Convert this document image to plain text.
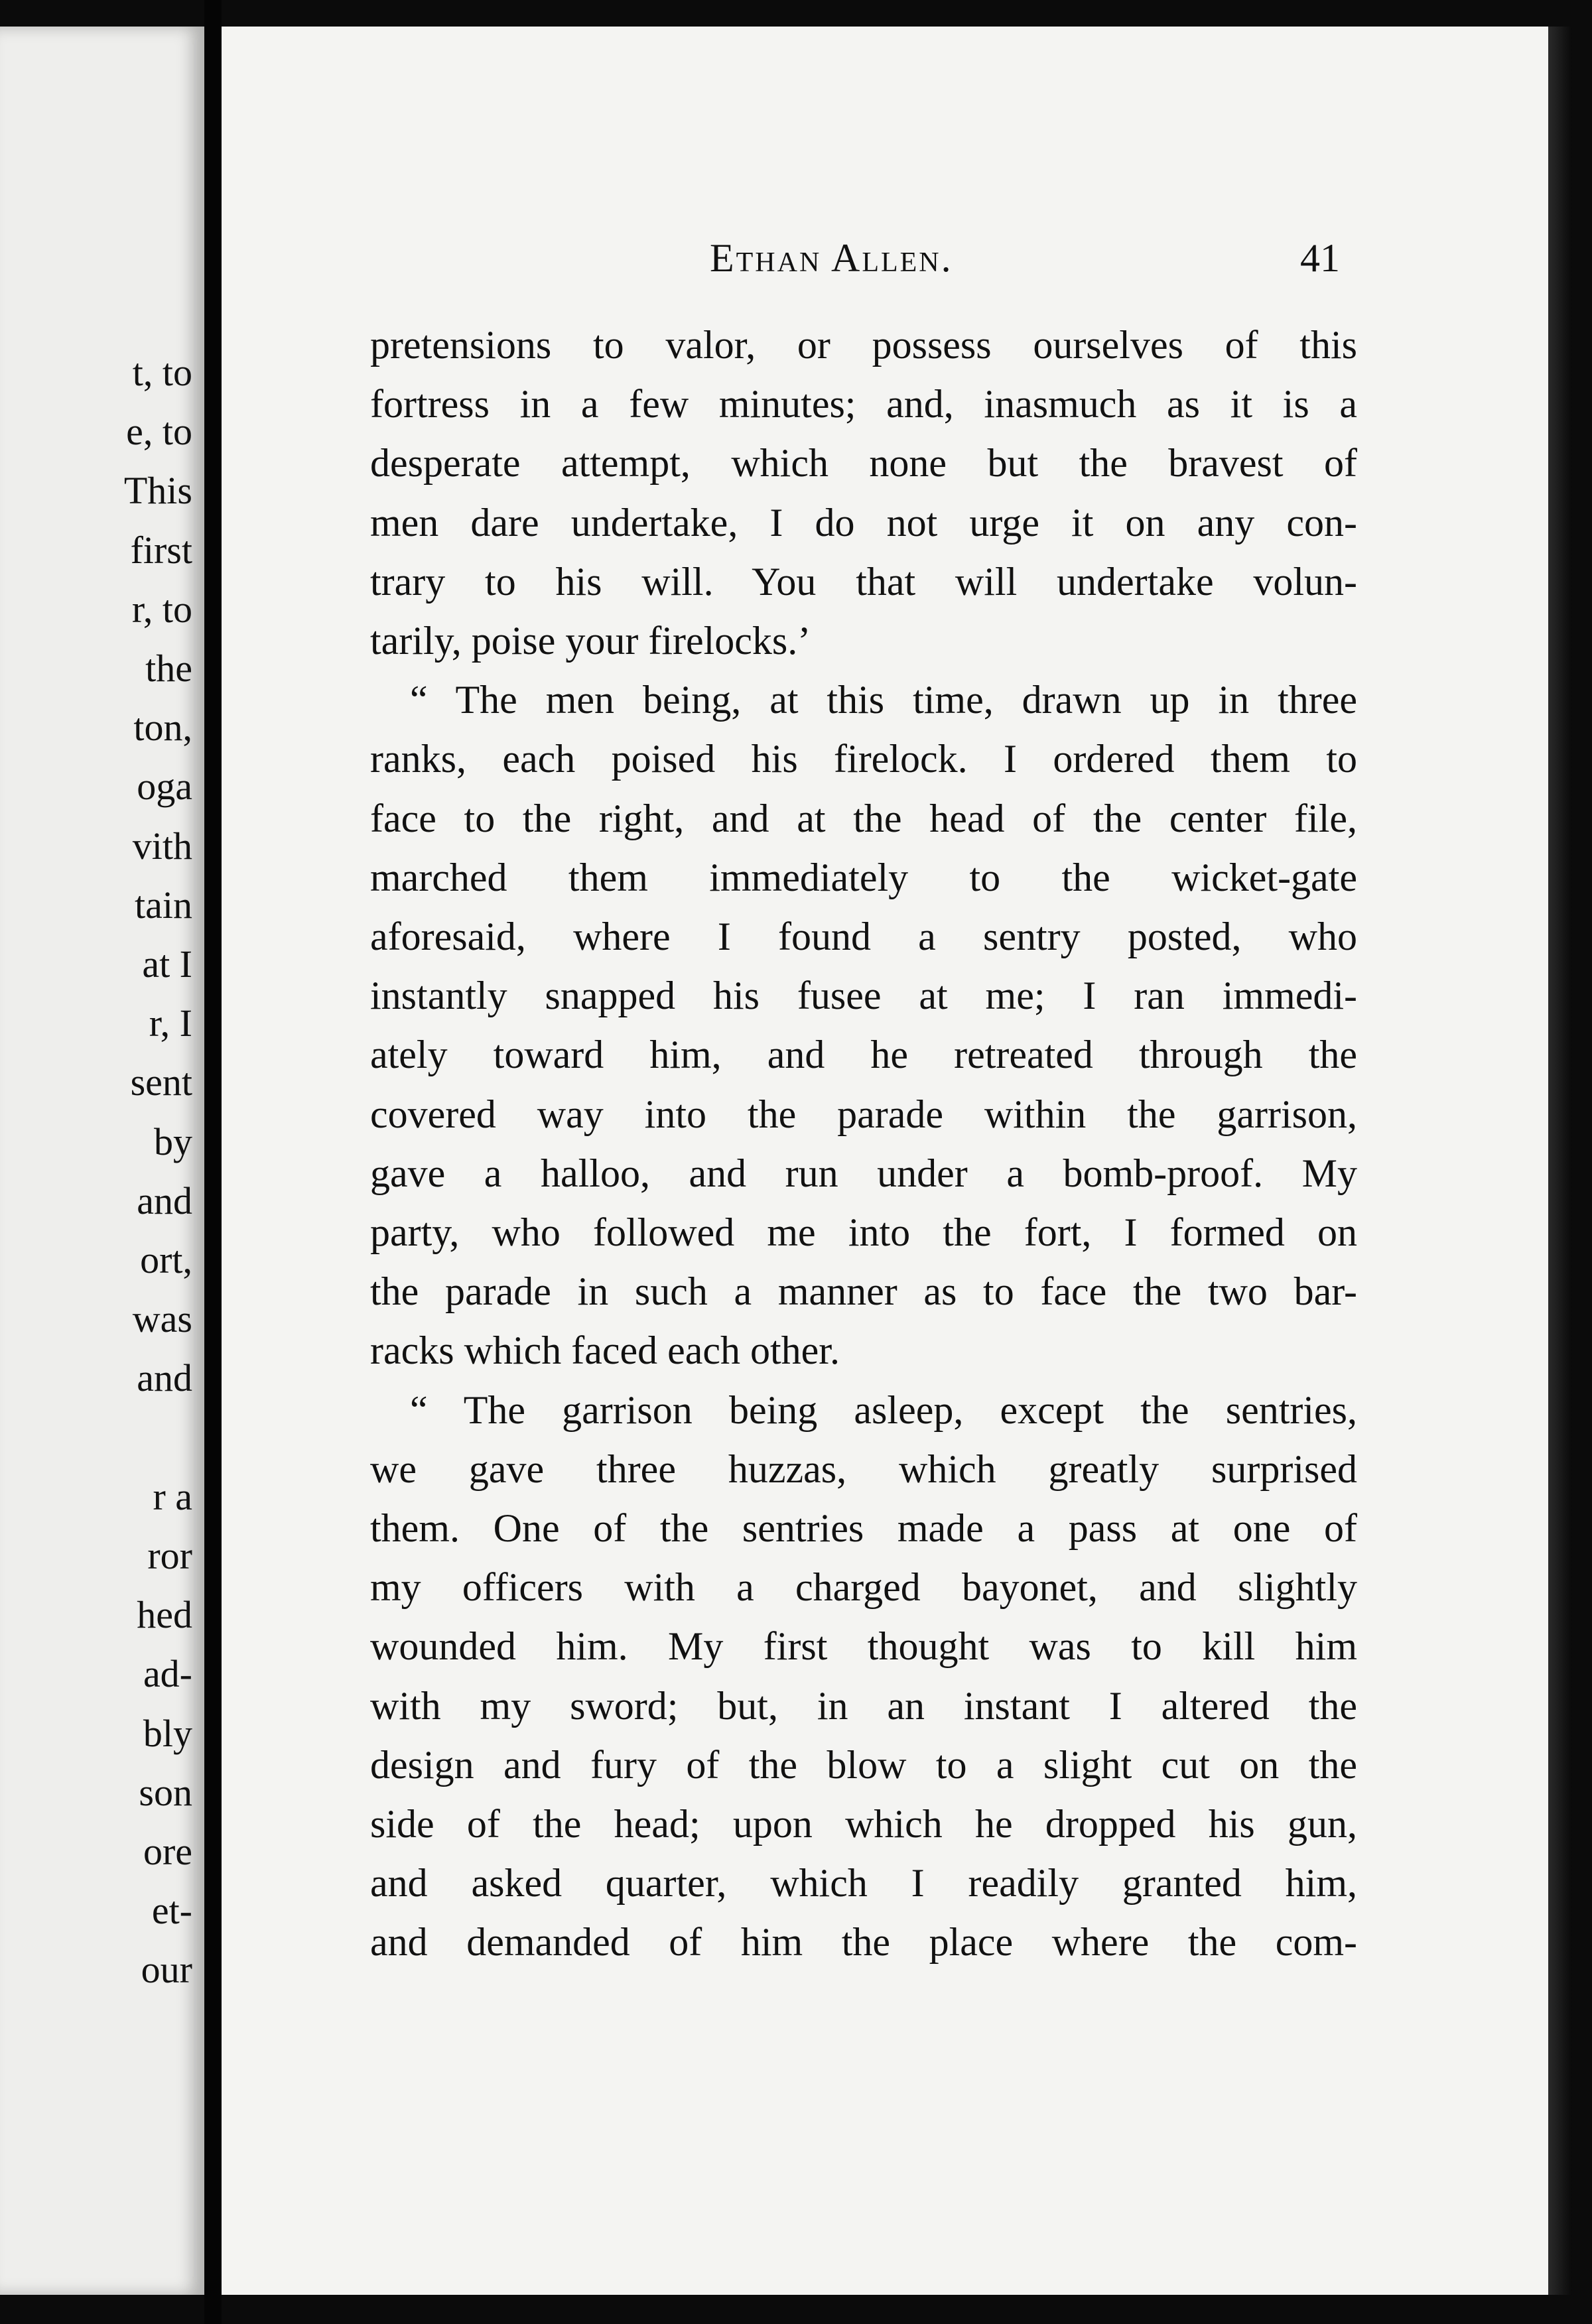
t, to
e, to
This
first
r, to
the
ton,
oga
vith
tain
at I
r, I
sent
by
and
ort,
was
and
r a
ror
hed
ad-
bly
son
ore
et-
our
Ethan Allen.	41
pretensions to valor, or possess ourselves of this
fortress in a few minutes; and, inasmuch as it is a
desperate attempt, which none but the bravest of
men dare undertake, I do not urge it on any con-
trary to his will. You that will undertake volun-
tarily, poise your firelocks.’
“ The men being, at this time, drawn up in three
ranks, each poised his firelock. I ordered them to
face to the right, and at the head of the center file,
marched them immediately to the wicket-gate
aforesaid, where I found a sentry posted, who
instantly snapped his fusee at me; I ran immedi-
ately toward him, and he retreated through the
covered way into the parade within the garrison,
gave a halloo, and run under a bomb-proof. My
party, who followed me into the fort, I formed on
the parade in such a manner as to face the two bar-
racks which faced each other.
“ The garrison being asleep, except the sentries,
we gave three huzzas, which greatly surprised
them. One of the sentries made a pass at one of
my officers with a charged bayonet, and slightly
wounded him. My first thought was to kill him
with my sword; but, in an instant I altered the
design and fury of the blow to a slight cut on the
side of the head; upon which he dropped his gun,
and asked quarter, which I readily granted him,
and demanded of him the place where the com-
